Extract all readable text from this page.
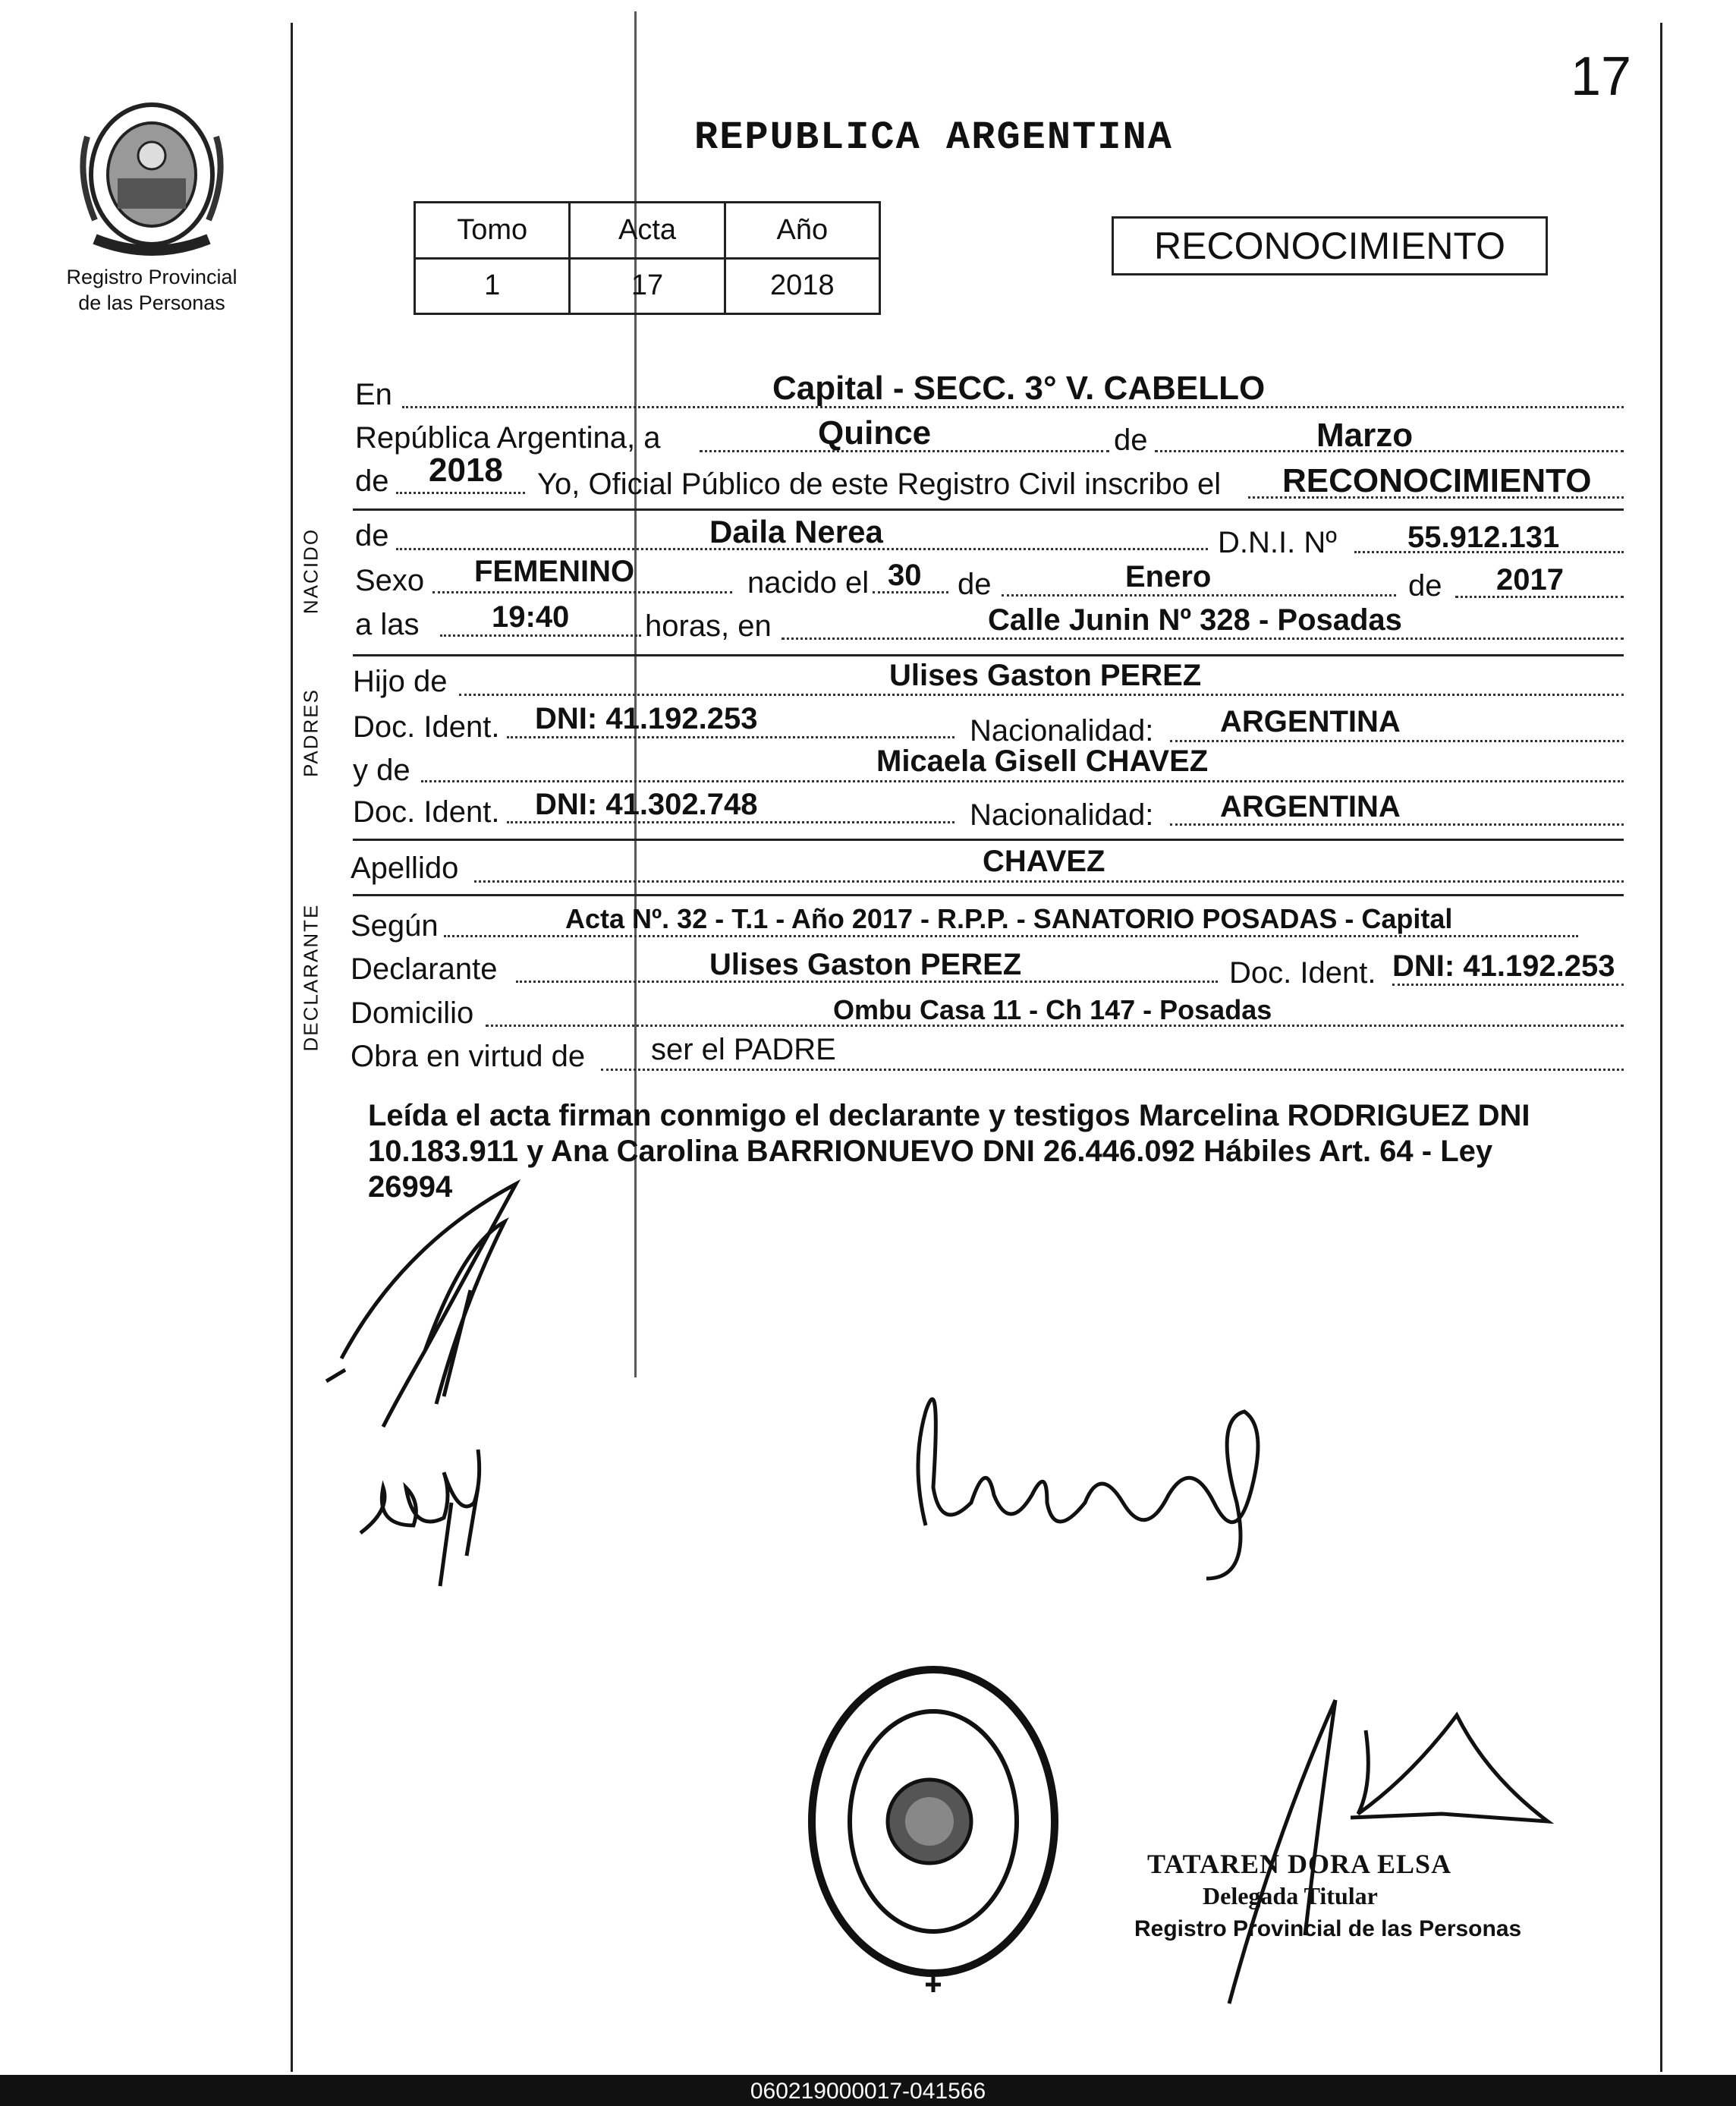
17
Registro Provincial
de las Personas
REPUBLICA ARGENTINA
Tomo	Acta	Año
1	17	2018
RECONOCIMIENTO
NACIDO
PADRES
DECLARANTE
En	Capital - SECC. 3° V. CABELLO
República Argentina, a	Quince	de	Marzo
de 2018 Yo, Oficial Público de este Registro Civil inscribo el RECONOCIMIENTO
de	Daila Nerea	D.N.I. Nº 55.912.131
Sexo FEMENINO	nacido el 30 de	Enero	de 2017
a las 19:40 horas, en	Calle Junin Nº 328 - Posadas
Hijo de	Ulises Gaston PEREZ
Doc. Ident. DNI: 41.192.253	Nacionalidad: ARGENTINA
y de	Micaela Gisell CHAVEZ
Doc. Ident. DNI: 41.302.748	Nacionalidad: ARGENTINA
Apellido	CHAVEZ
Según	Acta Nº. 32 - T.1 - Año 2017 - R.P.P. - SANATORIO POSADAS - Capital
Declarante	Ulises Gaston PEREZ	Doc. Ident. DNI: 41.192.253
Domicilio	Ombu Casa 11 - Ch 147 - Posadas
Obra en virtud de ser el PADRE
Leída el acta firman conmigo el declarante y testigos Marcelina RODRIGUEZ DNI
10.183.911 y Ana Carolina BARRIONUEVO DNI 26.446.092 Hábiles Art. 64 - Ley
26994
TATAREN DORA ELSA
Delegada Titular
Registro Provincial de las Personas
060219000017-041566
